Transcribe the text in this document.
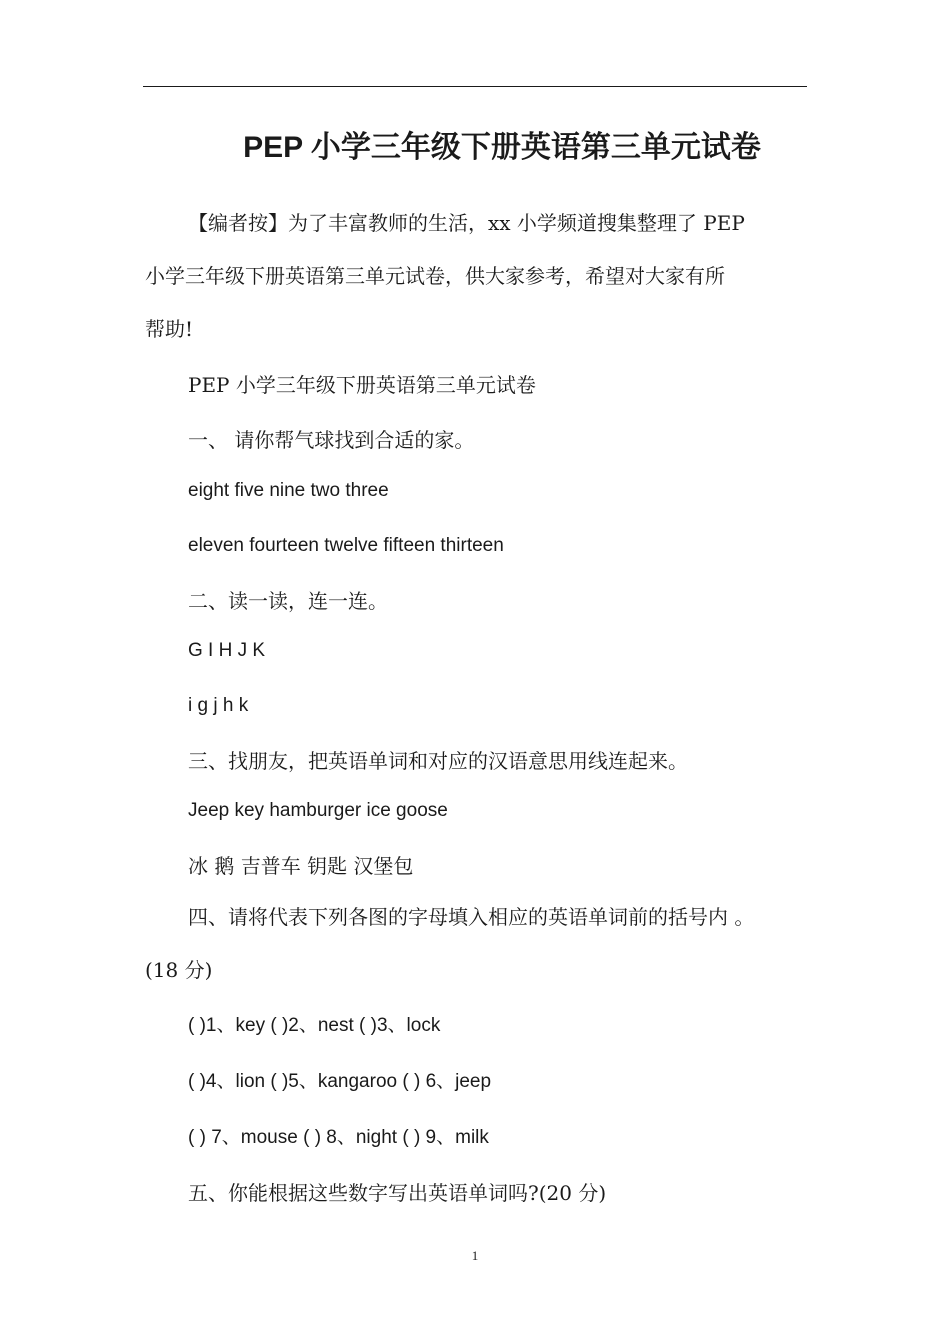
PEP 小学三年级下册英语第三单元试卷
【编者按】为了丰富教师的生活，xx 小学频道搜集整理了 PEP
小学三年级下册英语第三单元试卷，供大家参考，希望对大家有所
帮助!
PEP 小学三年级下册英语第三单元试卷
一、 请你帮气球找到合适的家。
eight five nine two three
eleven fourteen twelve fifteen thirteen
二、读一读，连一连。
G I H J K
i g j h k
三、找朋友，把英语单词和对应的汉语意思用线连起来。
Jeep key hamburger ice goose
冰 鹅 吉普车 钥匙 汉堡包
四、请将代表下列各图的字母填入相应的英语单词前的括号内 。
(18 分)
( )1、key ( )2、nest ( )3、lock
( )4、lion ( )5、kangaroo ( ) 6、jeep
( ) 7、mouse ( ) 8、night ( ) 9、milk
五、你能根据这些数字写出英语单词吗?(20 分)
1
